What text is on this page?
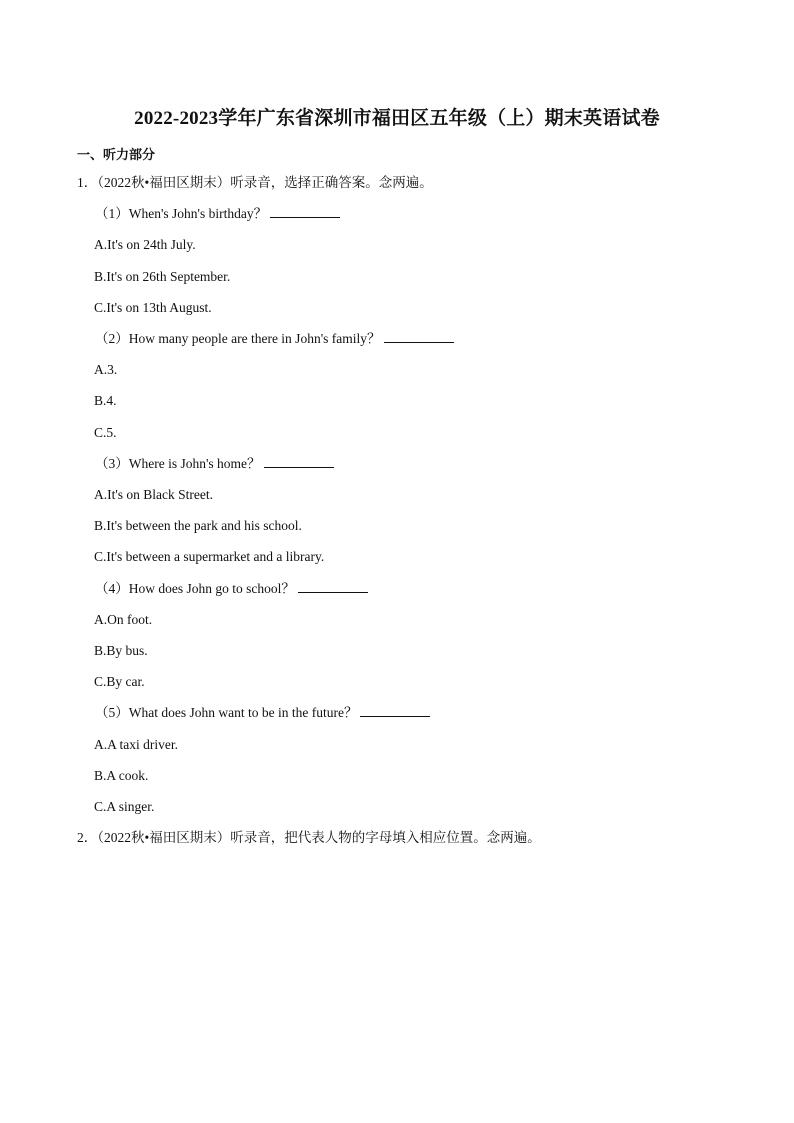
2022-2023学年广东省深圳市福田区五年级（上）期末英语试卷
一、听力部分
1．（2022秋•福田区期末）听录音，选择正确答案。念两遍。
（1）When's John's birthday？
A.It's on 24th July.
B.It's on 26th September.
C.It's on 13th August.
（2）How many people are there in John's family？
A.3.
B.4.
C.5.
（3）Where is John's home？
A.It's on Black Street.
B.It's between the park and his school.
C.It's between a supermarket and a library.
（4）How does John go to school？
A.On foot.
B.By bus.
C.By car.
（5）What does John want to be in the future？
A.A taxi driver.
B.A cook.
C.A singer.
2．（2022秋•福田区期末）听录音，把代表人物的字母填入相应位置。念两遍。
